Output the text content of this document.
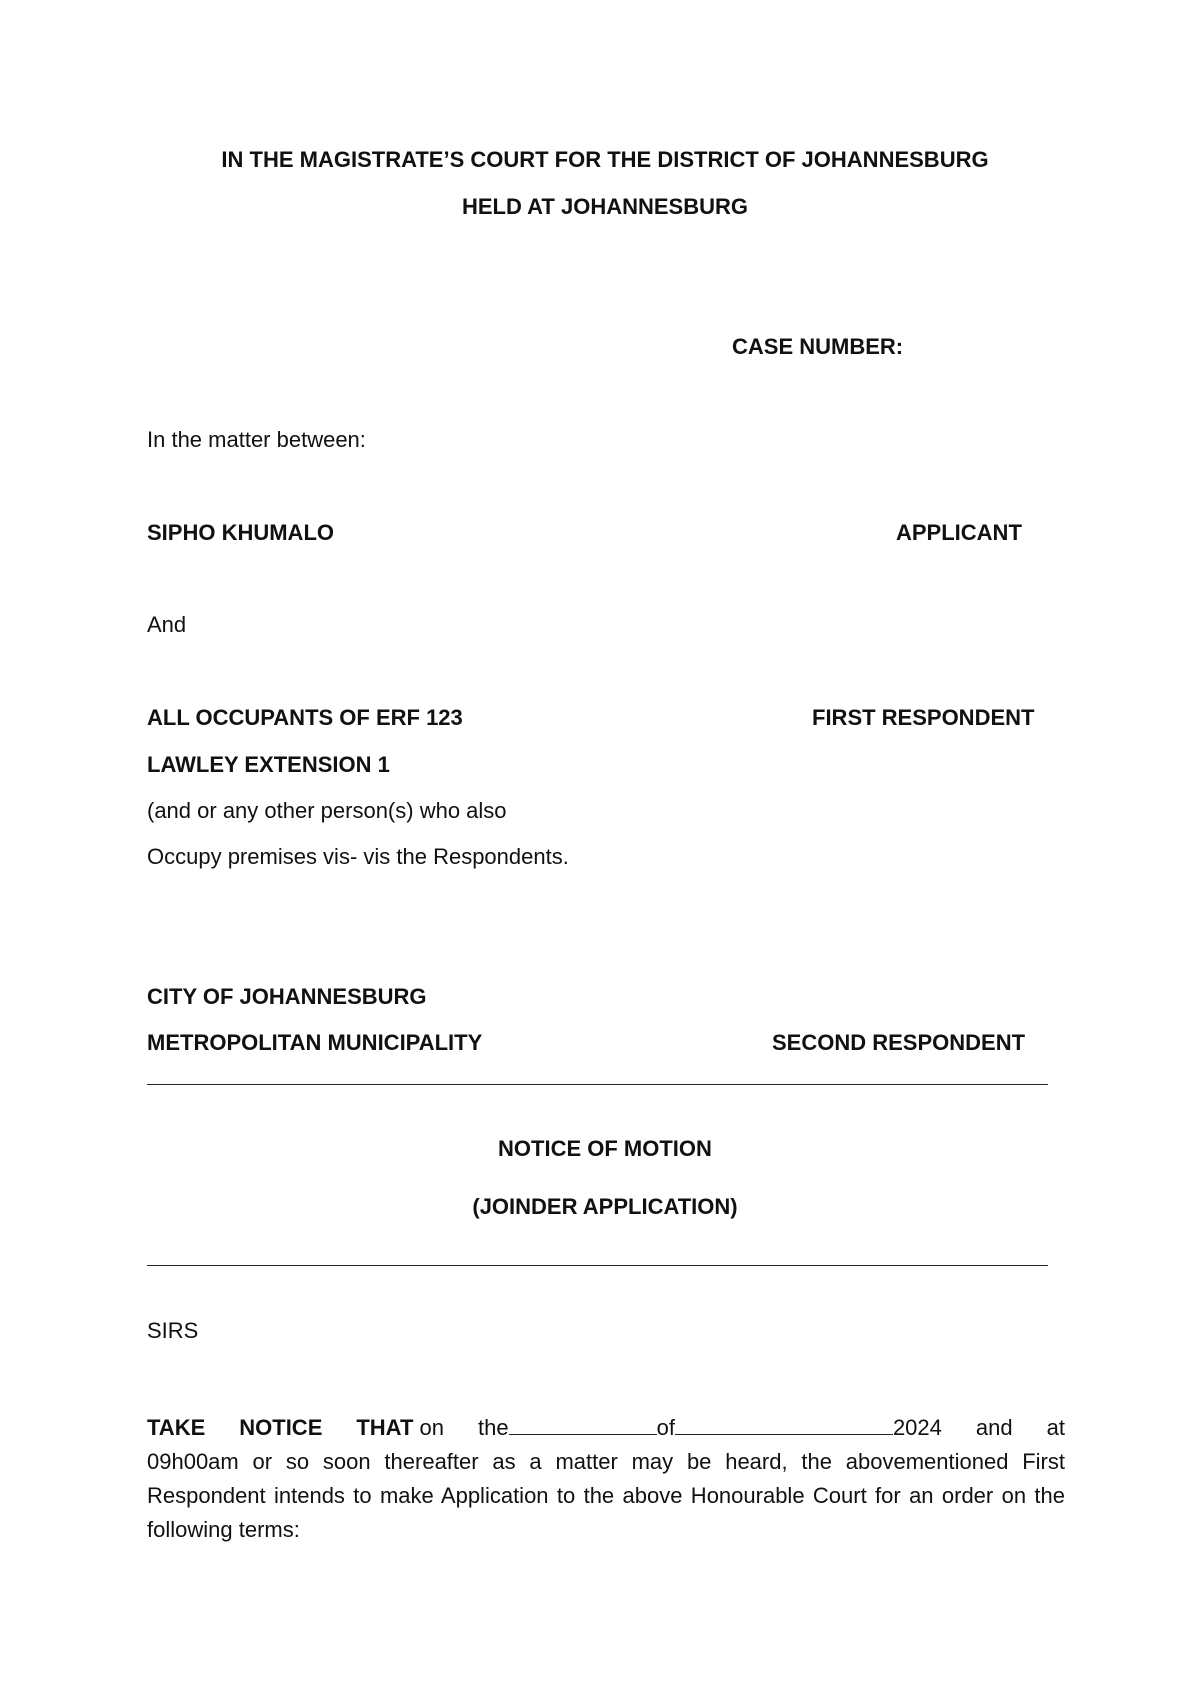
IN THE MAGISTRATE’S COURT FOR THE DISTRICT OF JOHANNESBURG
HELD AT JOHANNESBURG
CASE NUMBER:
In the matter between:
SIPHO KHUMALO	APPLICANT
And
ALL OCCUPANTS OF ERF 123	FIRST RESPONDENT
LAWLEY EXTENSION 1
(and or any other person(s) who also
Occupy premises vis- vis the Respondents.
CITY OF JOHANNESBURG
METROPOLITAN MUNICIPALITY	SECOND RESPONDENT
NOTICE OF MOTION
(JOINDER APPLICATION)
SIRS
TAKE NOTICE THAT on the	of	2024 and at
09h00am or so soon thereafter as a matter may be heard, the abovementioned First Respondent intends to make Application to the above Honourable Court for an order on the following terms:
